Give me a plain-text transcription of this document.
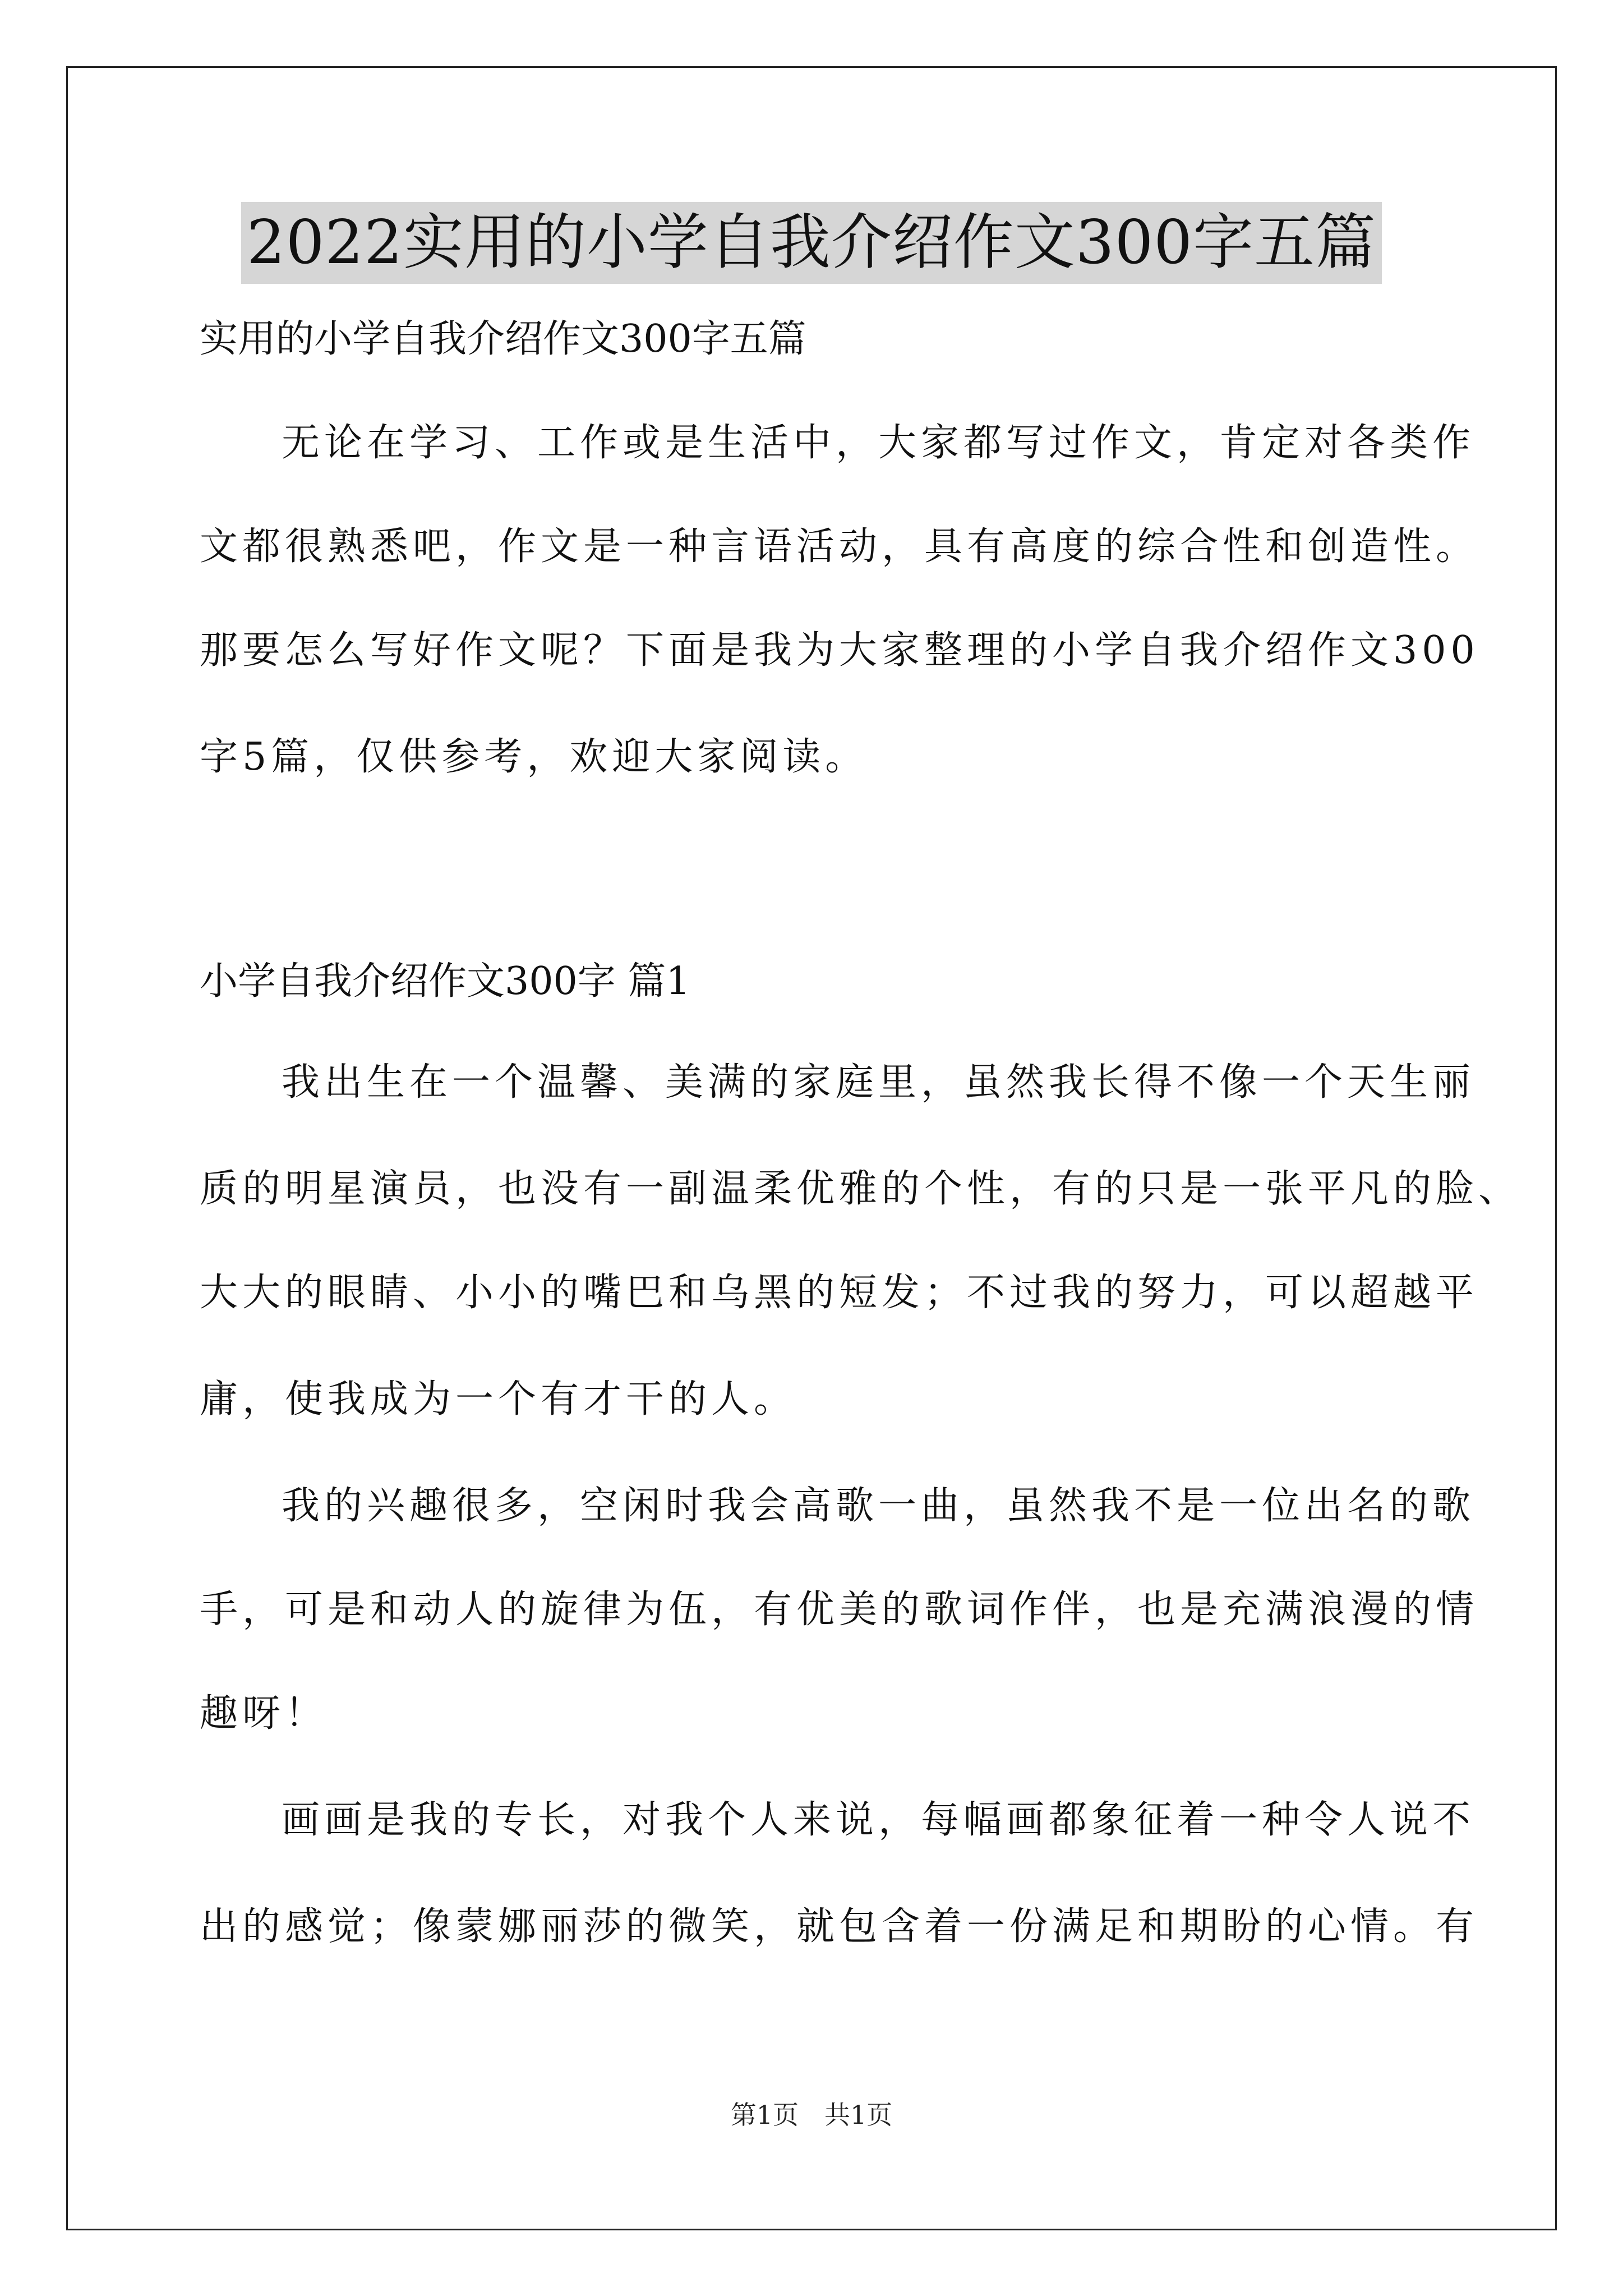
2022实用的小学自我介绍作文300字五篇
实用的小学自我介绍作文300字五篇
无论在学习、工作或是生活中，大家都写过作文，肯定对各类作
文都很熟悉吧，作文是一种言语活动，具有高度的综合性和创造性。
那要怎么写好作文呢？下面是我为大家整理的小学自我介绍作文300
字5篇，仅供参考，欢迎大家阅读。
小学自我介绍作文300字 篇1
我出生在一个温馨、美满的家庭里，虽然我长得不像一个天生丽
质的明星演员，也没有一副温柔优雅的个性，有的只是一张平凡的脸、
大大的眼睛、小小的嘴巴和乌黑的短发；不过我的努力，可以超越平
庸，使我成为一个有才干的人。
我的兴趣很多，空闲时我会高歌一曲，虽然我不是一位出名的歌
手，可是和动人的旋律为伍，有优美的歌词作伴，也是充满浪漫的情
趣呀！
画画是我的专长，对我个人来说，每幅画都象征着一种令人说不
出的感觉；像蒙娜丽莎的微笑，就包含着一份满足和期盼的心情。有
第1页　共1页
